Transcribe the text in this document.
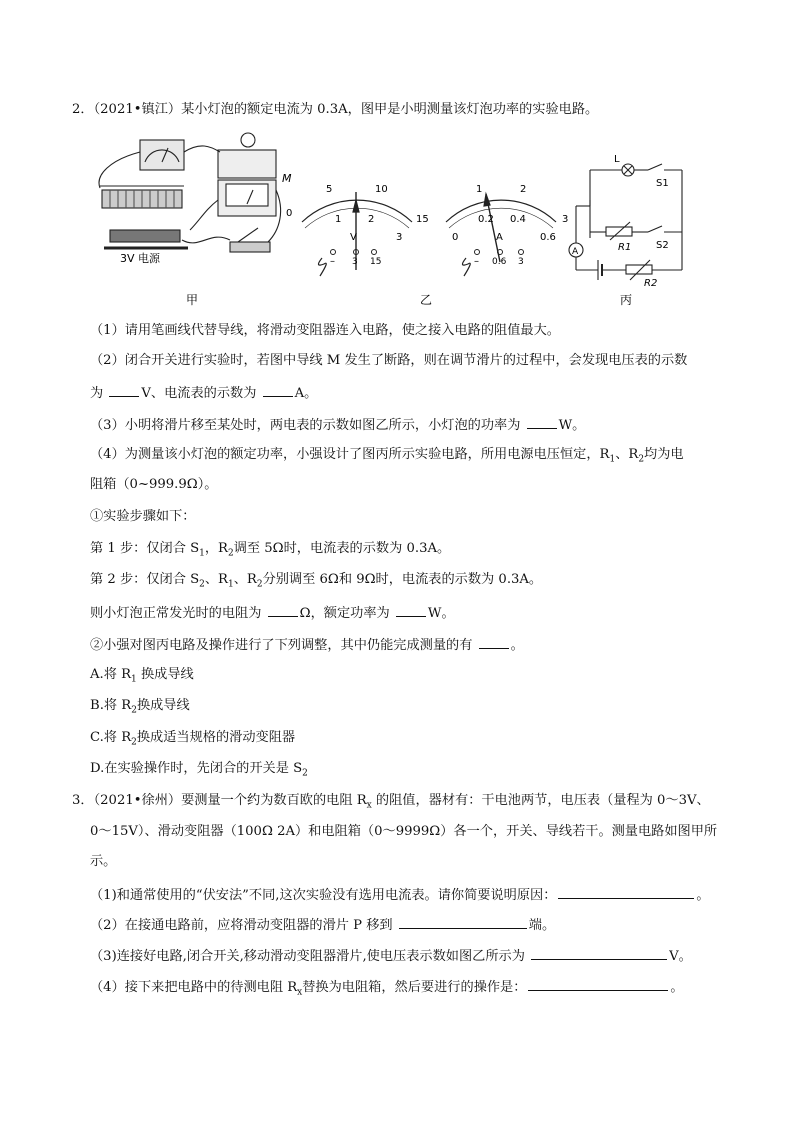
2．（2021•镇江）某小灯泡的额定电流为 0.3A，图甲是小明测量该灯泡功率的实验电路。
M
3V 电源
0
5	10
15
1	2
3
V
– 3 15
0
1	2
3
0.2 0.4
0.6
A
– 0.6 3
L
S1
S2
R1
R2
A
甲	乙	丙
（1）请用笔画线代替导线，将滑动变阻器连入电路，使之接入电路的阻值最大。
（2）闭合开关进行实验时，若图中导线 M 发生了断路，则在调节滑片的过程中，会发现电压表的示数
为	V、电流表的示数为	A。
（3）小明将滑片移至某处时，两电表的示数如图乙所示，小灯泡的功率为	W。
（4）为测量该小灯泡的额定功率，小强设计了图丙所示实验电路，所用电源电压恒定，$R_1$、$R_2$均为电
阻箱（0~999.9Ω）。
①实验步骤如下：
第 1 步：仅闭合 $S_1$，$R_2$调至 5Ω时，电流表的示数为 0.3A。
第 2 步：仅闭合 $S_2$、$R_1$、$R_2$分别调至 6Ω和 9Ω时，电流表的示数为 0.3A。
则小灯泡正常发光时的电阻为	Ω，额定功率为	W。
②小强对图丙电路及操作进行了下列调整，其中仍能完成测量的有	。
A.将 $R_1$ 换成导线
B.将 $R_2$换成导线
C.将 $R_2$换成适当规格的滑动变阻器
D.在实验操作时，先闭合的开关是 $S_2$
3．（2021•徐州）要测量一个约为数百欧的电阻 $R_x$ 的阻值，器材有：干电池两节，电压表（量程为 0～3V、
0～15V）、滑动变阻器（100Ω 2A）和电阻箱（0～9999Ω）各一个，开关、导线若干。测量电路如图甲所
示。
（1)和通常使用的“伏安法”不同,这次实验没有选用电流表。请你简要说明原因：	。
（2）在接通电路前，应将滑动变阻器的滑片 P 移到	端。
（3)连接好电路,闭合开关,移动滑动变阻器滑片,使电压表示数如图乙所示为	V。
（4）接下来把电路中的待测电阻 $R_x$替换为电阻箱，然后要进行的操作是：	。
